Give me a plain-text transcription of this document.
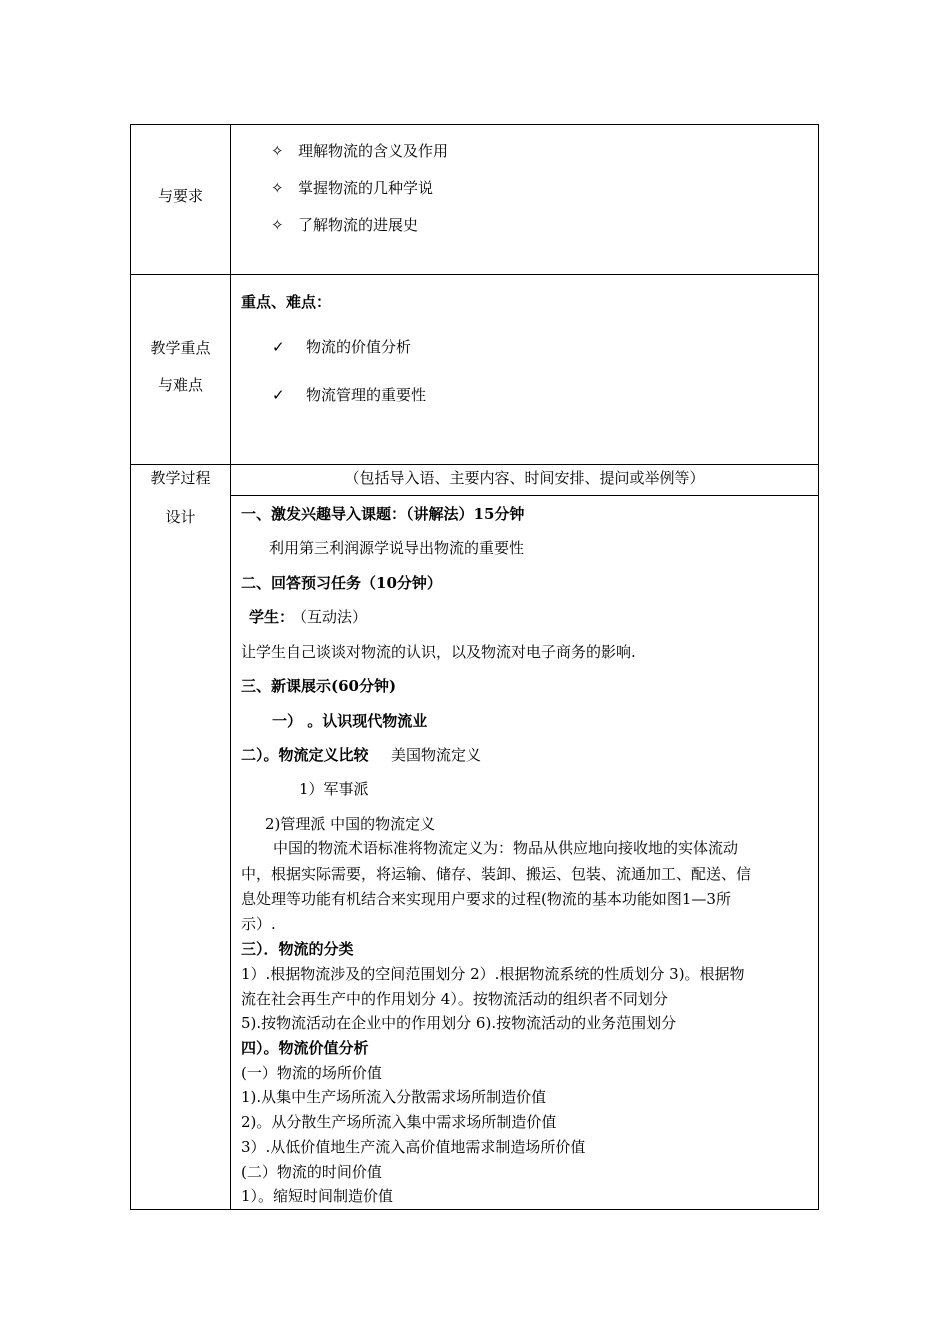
与要求
✧ 理解物流的含义及作用
✧ 掌握物流的几种学说
✧ 了解物流的进展史
教学重点
与难点
重点、难点：
✓ 物流的价值分析
✓ 物流管理的重要性
教学过程
设计
（包括导入语、主要内容、时间安排、提问或举例等）
一、激发兴趣导入课题：（讲解法）15分钟
利用第三利润源学说导出物流的重要性
二、回答预习任务（10分钟）
学生：
（互动法）
让学生自己谈谈对物流的认识，以及物流对电子商务的影响.
三、新课展示(60分钟)
一） 。认识现代物流业
二）。物流定义比较 美国物流定义
1）军事派
2)管理派 中国的物流定义
中国的物流术语标准将物流定义为：物品从供应地向接收地的实体流动
中，根据实际需要，将运输、储存、装卸、搬运、包装、流通加工、配送、信
息处理等功能有机结合来实现用户要求的过程(物流的基本功能如图1—3所
示）.
三）．物流的分类
1）.根据物流涉及的空间范围划分 2）.根据物流系统的性质划分 3)。根据物
流在社会再生产中的作用划分 4）。按物流活动的组织者不同划分
5).按物流活动在企业中的作用划分 6).按物流活动的业务范围划分
四）。物流价值分析
(一）物流的场所价值
1).从集中生产场所流入分散需求场所制造价值
2)。从分散生产场所流入集中需求场所制造价值
3）.从低价值地生产流入高价值地需求制造场所价值
(二）物流的时间价值
1）。缩短时间制造价值
